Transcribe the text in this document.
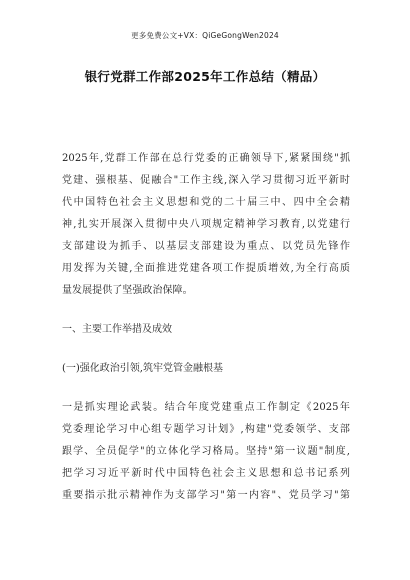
更多免费公文+VX：QiGeGongWen2024
银行党群工作部2025年工作总结（精品）
2025年,党群工作部在总行党委的正确领导下,紧紧围绕"抓
党建、强根基、促融合"工作主线,深入学习贯彻习近平新时
代中国特色社会主义思想和党的二十届三中、四中全会精
神,扎实开展深入贯彻中央八项规定精神学习教育,以党建行
支部建设为抓手、以基层支部建设为重点、以党员先锋作
用发挥为关键,全面推进党建各项工作提质增效,为全行高质
量发展提供了坚强政治保障。
一、主要工作举措及成效
(一)强化政治引领,筑牢党管金融根基
一是抓实理论武装。结合年度党建重点工作制定《2025年
党委理论学习中心组专题学习计划》,构建"党委领学、支部
跟学、全员促学"的立体化学习格局。坚持"第一议题"制度,
把学习习近平新时代中国特色社会主义思想和总书记系列
重要指示批示精神作为支部学习"第一内容"、党员学习"第
